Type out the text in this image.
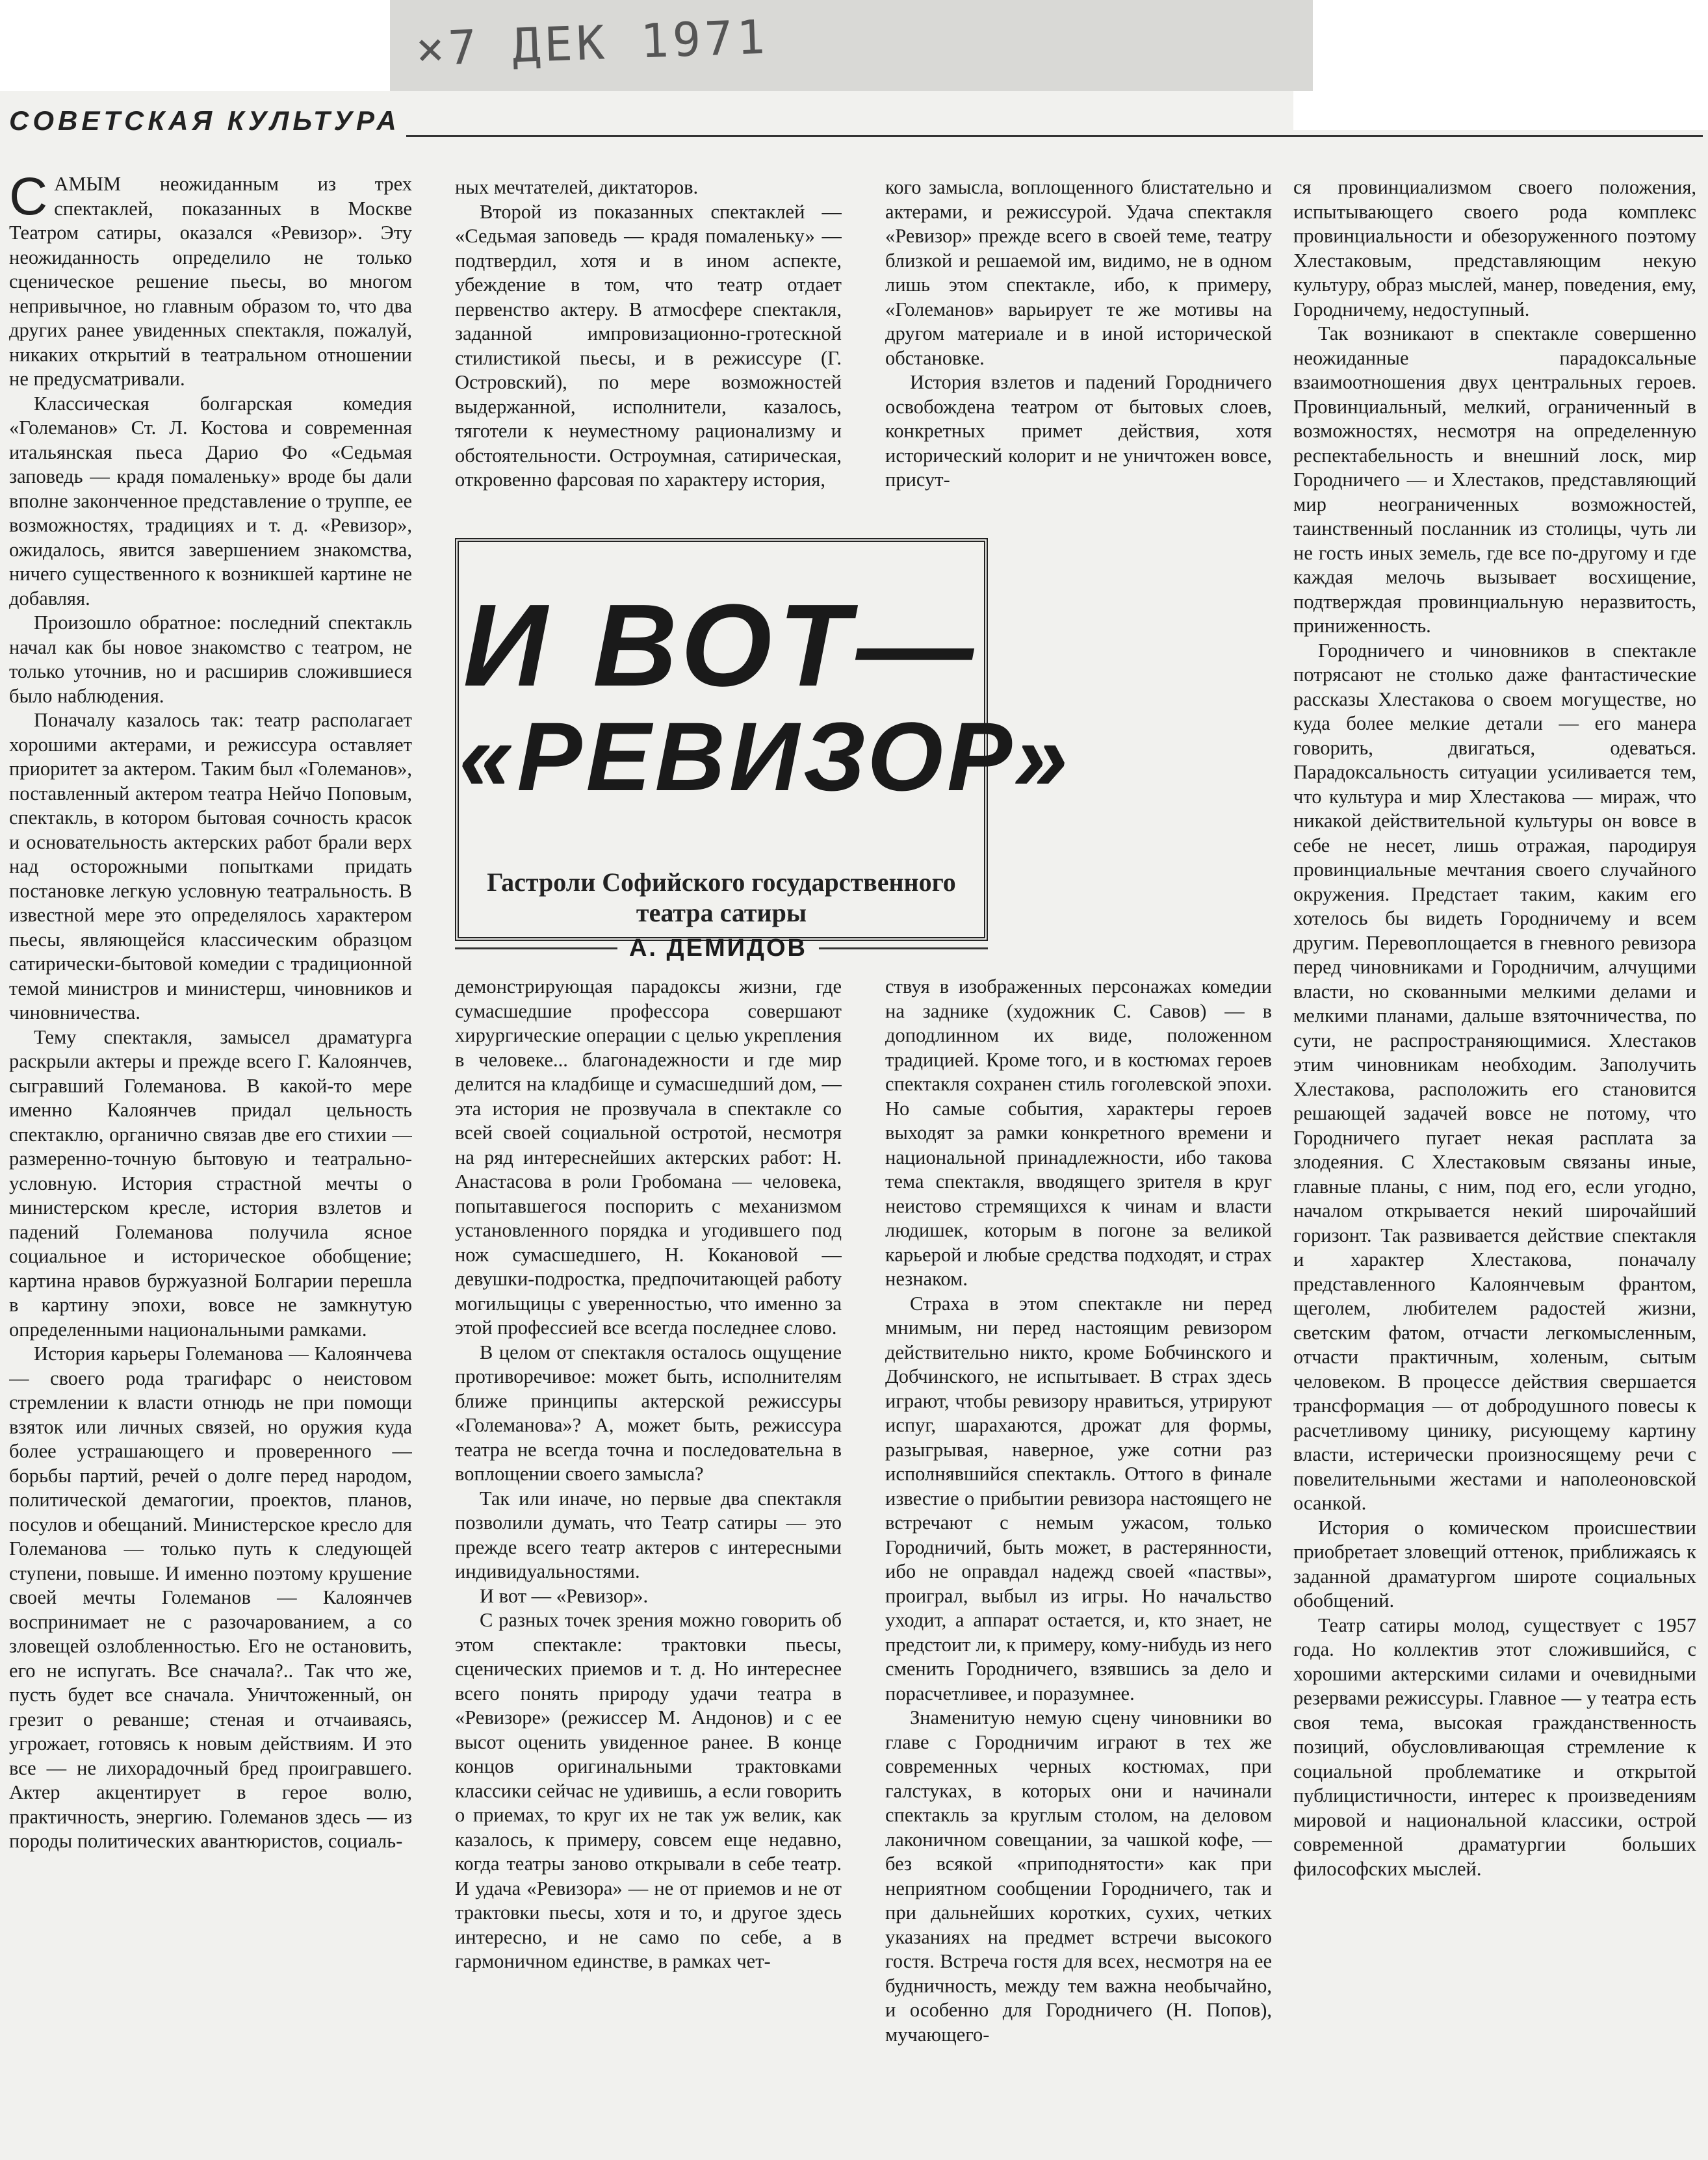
×7 ДЕК 1971
СОВЕТСКАЯ КУЛЬТУРА

САМЫМ неожиданным из трех спектаклей, показанных в Москве Театром сатиры, оказался «Ревизор». Эту неожиданность определило не только сценическое решение пьесы, во многом непривычное, но главным образом то, что два других ранее увиденных спектакля, пожалуй, никаких открытий в театральном отношении не предусматривали.

Классическая болгарская комедия «Големанов» Ст. Л. Костова и современная итальянская пьеса Дарио Фо «Седьмая заповедь — крадя помаленьку» вроде бы дали вполне законченное представление о труппе, ее возможностях, традициях и т. д. «Ревизор», ожидалось, явится завершением знакомства, ничего существенного к возникшей картине не добавляя.

Произошло обратное: последний спектакль начал как бы новое знакомство с театром, не только уточнив, но и расширив сложившиеся было наблюдения.

Поначалу казалось так: театр располагает хорошими актерами, и режиссура оставляет приоритет за актером. Таким был «Големанов», поставленный актером театра Нейчо Поповым, спектакль, в котором бытовая сочность красок и основательность актерских работ брали верх над осторожными попытками придать постановке легкую условную театральность. В известной мере это определялось характером пьесы, являющейся классическим образцом сатирически-бытовой комедии с традиционной темой министров и министерш, чиновников и чиновничества.

Тему спектакля, замысел драматурга раскрыли актеры и прежде всего Г. Калоянчев, сыгравший Големанова. В какой-то мере именно Калоянчев придал цельность спектаклю, органично связав две его стихии — размеренно-точную бытовую и театрально-условную. История страстной мечты о министерском кресле, история взлетов и падений Големанова получила ясное социальное и историческое обобщение; картина нравов буржуазной Болгарии перешла в картину эпохи, вовсе не замкнутую определенными национальными рамками.

История карьеры Големанова — Калоянчева — своего рода трагифарс о неистовом стремлении к власти отнюдь не при помощи взяток или личных связей, но оружия куда более устрашающего и проверенного — борьбы партий, речей о долге перед народом, политической демагогии, проектов, планов, посулов и обещаний. Министерское кресло для Големанова — только путь к следующей ступени, повыше. И именно поэтому крушение своей мечты Големанов — Калоянчев воспринимает не с разочарованием, а со зловещей озлобленностью. Его не остановить, его не испугать. Все сначала?.. Так что же, пусть будет все сначала. Уничтоженный, он грезит о реванше; стеная и отчаиваясь, угрожает, готовясь к новым действиям. И это все — не лихорадочный бред проигравшего. Актер акцентирует в герое волю, практичность, энергию. Големанов здесь — из породы политических авантюристов, социаль-

ных мечтателей, диктаторов.

Второй из показанных спектаклей — «Седьмая заповедь — крадя помаленьку» — подтвердил, хотя и в ином аспекте, убеждение в том, что театр отдает первенство актеру. В атмосфере спектакля, заданной импровизационно-гротескной стилистикой пьесы, и в режиссуре (Г. Островский), по мере возможностей выдержанной, исполнители, казалось, тяготели к неуместному рационализму и обстоятельности. Остроумная, сатирическая, откровенно фарсовая по характеру история,

кого замысла, воплощенного блистательно и актерами, и режиссурой. Удача спектакля «Ревизор» прежде всего в своей теме, театру близкой и решаемой им, видимо, не в одном лишь этом спектакле, ибо, к примеру, «Големанов» варьирует те же мотивы на другом материале и в иной исторической обстановке.

История взлетов и падений Городничего освобождена театром от бытовых слоев, конкретных примет действия, хотя исторический колорит и не уничтожен вовсе, присут-

И ВОТ—
«РЕВИЗОР»
Гастроли Софийского государственного театра сатиры
А. ДЕМИДОВ

демонстрирующая парадоксы жизни, где сумасшедшие профессора совершают хирургические операции с целью укрепления в человеке... благонадежности и где мир делится на кладбище и сумасшедший дом, — эта история не прозвучала в спектакле со всей своей социальной остротой, несмотря на ряд интереснейших актерских работ: Н. Анастасова в роли Гробомана — человека, попытавшегося поспорить с механизмом установленного порядка и угодившего под нож сумасшедшего, Н. Кокановой — девушки-подростка, предпочитающей работу могильщицы с уверенностью, что именно за этой профессией все всегда последнее слово.

В целом от спектакля осталось ощущение противоречивое: может быть, исполнителям ближе принципы актерской режиссуры «Големанова»? А, может быть, режиссура театра не всегда точна и последовательна в воплощении своего замысла?

Так или иначе, но первые два спектакля позволили думать, что Театр сатиры — это прежде всего театр актеров с интересными индивидуальностями.

И вот — «Ревизор».

С разных точек зрения можно говорить об этом спектакле: трактовки пьесы, сценических приемов и т. д. Но интереснее всего понять природу удачи театра в «Ревизоре» (режиссер М. Андонов) и с ее высот оценить увиденное ранее. В конце концов оригинальными трактовками классики сейчас не удивишь, а если говорить о приемах, то круг их не так уж велик, как казалось, к примеру, совсем еще недавно, когда театры заново открывали в себе театр. И удача «Ревизора» — не от приемов и не от трактовки пьесы, хотя и то, и другое здесь интересно, и не само по себе, а в гармоничном единстве, в рамках чет-

ствуя в изображенных персонажах комедии на заднике (художник С. Савов) — в доподлинном их виде, положенном традицией. Кроме того, и в костюмах героев спектакля сохранен стиль гоголевской эпохи. Но самые события, характеры героев выходят за рамки конкретного времени и национальной принадлежности, ибо такова тема спектакля, вводящего зрителя в круг неистово стремящихся к чинам и власти людишек, которым в погоне за великой карьерой и любые средства подходят, и страх незнаком.

Страха в этом спектакле ни перед мнимым, ни перед настоящим ревизором действительно никто, кроме Бобчинского и Добчинского, не испытывает. В страх здесь играют, чтобы ревизору нравиться, утрируют испуг, шарахаются, дрожат для формы, разыгрывая, наверное, уже сотни раз исполнявшийся спектакль. Оттого в финале известие о прибытии ревизора настоящего не встречают с немым ужасом, только Городничий, быть может, в растерянности, ибо не оправдал надежд своей «паствы», проиграл, выбыл из игры. Но начальство уходит, а аппарат остается, и, кто знает, не предстоит ли, к примеру, кому-нибудь из него сменить Городничего, взявшись за дело и порасчетливее, и поразумнее.

Знаменитую немую сцену чиновники во главе с Городничим играют в тех же современных черных костюмах, при галстуках, в которых они и начинали спектакль за круглым столом, на деловом лаконичном совещании, за чашкой кофе, — без всякой «приподнятости» как при неприятном сообщении Городничего, так и при дальнейших коротких, сухих, четких указаниях на предмет встречи высокого гостя. Встреча гостя для всех, несмотря на ее будничность, между тем важна необычайно, и особенно для Городничего (Н. Попов), мучающего-

ся провинциализмом своего положения, испытывающего своего рода комплекс провинциальности и обезоруженного поэтому Хлестаковым, представляющим некую культуру, образ мыслей, манер, поведения, ему, Городничему, недоступный.

Так возникают в спектакле совершенно неожиданные парадоксальные взаимоотношения двух центральных героев. Провинциальный, мелкий, ограниченный в возможностях, несмотря на определенную респектабельность и внешний лоск, мир Городничего — и Хлестаков, представляющий мир неограниченных возможностей, таинственный посланник из столицы, чуть ли не гость иных земель, где все по-другому и где каждая мелочь вызывает восхищение, подтверждая провинциальную неразвитость, приниженность.

Городничего и чиновников в спектакле потрясают не столько даже фантастические рассказы Хлестакова о своем могуществе, но куда более мелкие детали — его манера говорить, двигаться, одеваться. Парадоксальность ситуации усиливается тем, что культура и мир Хлестакова — мираж, что никакой действительной культуры он вовсе в себе не несет, лишь отражая, пародируя провинциальные мечтания своего случайного окружения. Предстает таким, каким его хотелось бы видеть Городничему и всем другим. Перевоплощается в гневного ревизора перед чиновниками и Городничим, алчущими власти, но скованными мелкими делами и мелкими планами, дальше взяточничества, по сути, не распространяющимися. Хлестаков этим чиновникам необходим. Заполучить Хлестакова, расположить его становится решающей задачей вовсе не потому, что Городничего пугает некая расплата за злодеяния. С Хлестаковым связаны иные, главные планы, с ним, под его, если угодно, началом открывается некий широчайший горизонт. Так развивается действие спектакля и характер Хлестакова, поначалу представленного Калоянчевым франтом, щеголем, любителем радостей жизни, светским фатом, отчасти легкомысленным, отчасти практичным, холеным, сытым человеком. В процессе действия свершается трансформация — от добродушного повесы к расчетливому цинику, рисующему картину власти, истерически произносящему речи с повелительными жестами и наполеоновской осанкой.

История о комическом происшествии приобретает зловещий оттенок, приближаясь к заданной драматургом широте социальных обобщений.

Театр сатиры молод, существует с 1957 года. Но коллектив этот сложившийся, с хорошими актерскими силами и очевидными резервами режиссуры. Главное — у театра есть своя тема, высокая гражданственность позиций, обусловливающая стремление к социальной проблематике и открытой публицистичности, интерес к произведениям мировой и национальной классики, острой современной драматургии больших философских мыслей.
